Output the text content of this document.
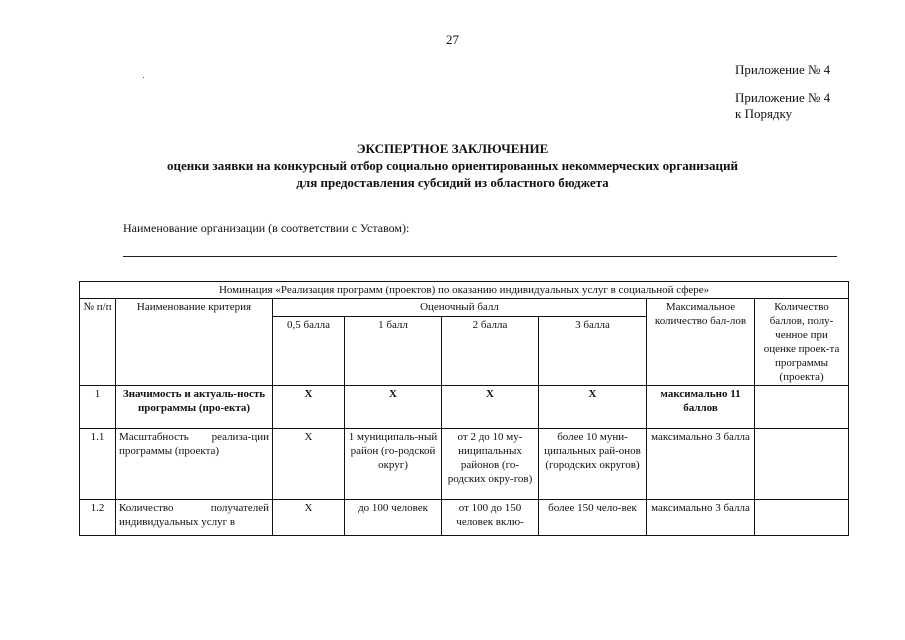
27
Приложение № 4
Приложение № 4
к Порядку
ЭКСПЕРТНОЕ ЗАКЛЮЧЕНИЕ
оценки заявки на конкурсный отбор социально ориентированных некоммерческих организаций
для предоставления субсидий из областного бюджета
Наименование организации (в соответствии с Уставом):
Номинация «Реализация программ (проектов) по оказанию индивидуальных услуг в социальной сфере»							
№ п/п	Наименование критерия	Оценочный балл				Максимальное количество бал-лов	Количество баллов, полу-ченное при оценке проек-та программы (проекта)
		0,5 балла	1 балл	2 балла	3 балла		
1	Значимость и актуаль-ность программы (про-екта)	X	X	X	X	максимально 11 баллов	
1.1	Масштабность реализа-ции программы (проекта)	X	1 муниципаль-ный район (го-родской округ)	от 2 до 10 му-ниципальных районов (го-родских окру-гов)	более 10 муни-ципальных рай-онов (городских округов)	максимально 3 балла	
1.2	Количество получателей индивидуальных услуг в	X	до 100 человек	от 100 до 150 человек вклю-	более 150 чело-век	максимально 3 балла	
